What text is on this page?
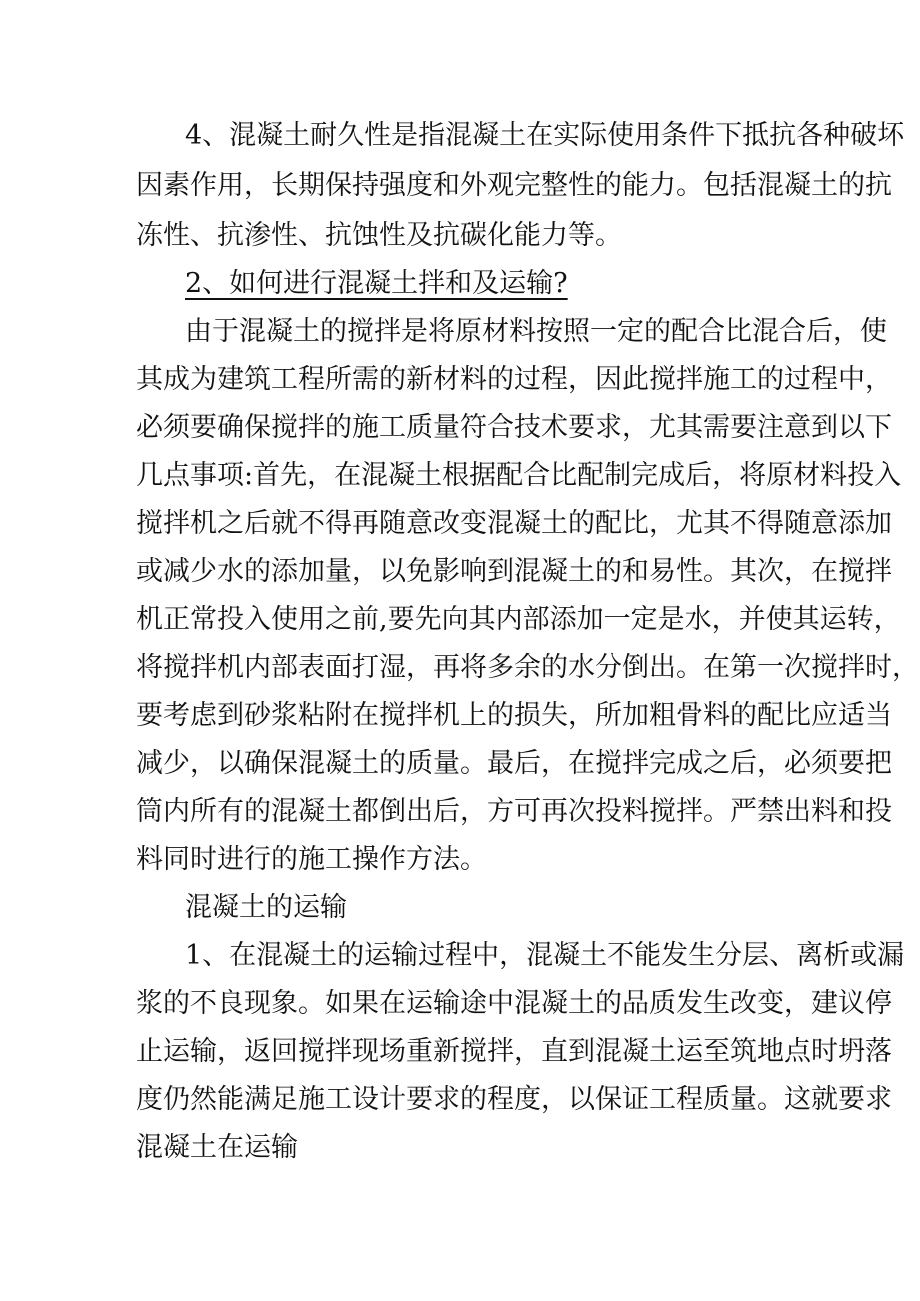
4、混凝土耐久性是指混凝土在实际使用条件下抵抗各种破坏
因素作用，长期保持强度和外观完整性的能力。包括混凝土的抗
冻性、抗渗性、抗蚀性及抗碳化能力等。
2、如何进行混凝土拌和及运输?
由于混凝土的搅拌是将原材料按照一定的配合比混合后，使
其成为建筑工程所需的新材料的过程，因此搅拌施工的过程中，
必须要确保搅拌的施工质量符合技术要求，尤其需要注意到以下
几点事项:首先，在混凝土根据配合比配制完成后，将原材料投入
搅拌机之后就不得再随意改变混凝土的配比，尤其不得随意添加
或减少水的添加量，以免影响到混凝土的和易性。其次，在搅拌
机正常投入使用之前,要先向其内部添加一定是水，并使其运转，
将搅拌机内部表面打湿，再将多余的水分倒出。在第一次搅拌时，
要考虑到砂浆粘附在搅拌机上的损失，所加粗骨料的配比应适当
减少，以确保混凝土的质量。最后，在搅拌完成之后，必须要把
筒内所有的混凝土都倒出后，方可再次投料搅拌。严禁出料和投
料同时进行的施工操作方法。
混凝土的运输
1、在混凝土的运输过程中，混凝土不能发生分层、离析或漏
浆的不良现象。如果在运输途中混凝土的品质发生改变，建议停
止运输，返回搅拌现场重新搅拌，直到混凝土运至筑地点时坍落
度仍然能满足施工设计要求的程度，以保证工程质量。这就要求
混凝土在运输
